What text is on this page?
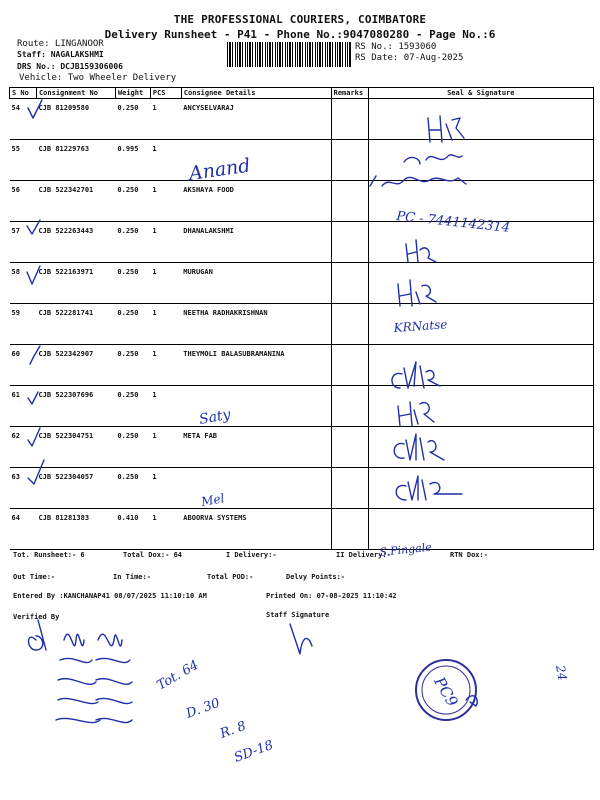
THE PROFESSIONAL COURIERS, COIMBATORE
Delivery Runsheet - P41 - Phone No.:9047080280 - Page No.:6
Route: LINGANOOR
Staff: NAGALAKSHMI
DRS No.: DCJB159306006
Vehicle: Two Wheeler Delivery
RS No.: 1593060
RS Date: 07-Aug-2025
S No	Consignment No	Weight	PCS	Consignee Details	Remarks	Seal & Signature
54	CJB 81209580	0.250	1	ANCYSELVARAJ		
55	CJB 81229763	0.995	1			
56	CJB 522342701	0.250	1	AKSHAYA FOOD		
57	CJB 522263443	0.250	1	DHANALAKSHMI		
58	CJB 522163971	0.250	1	MURUGAN		
59	CJB 522281741	0.250	1	NEETHA RADHAKRISHNAN		
60	CJB 522342907	0.250	1	THEYMOLI BALASUBRAMANINA		
61	CJB 522307696	0.250	1			
62	CJB 522304751	0.250	1	META FAB		
63	CJB 522304057	0.250	1			
64	CJB 81281383	0.410	1	ABOORVA SYSTEMS		
Tot. Runsheet:- 6	Total Dox:- 64	I Delivery:-	II Delivery:-	RTN Dox:-
Out Time:-	In Time:-	Total POD:-	Delvy Points:-
Entered By :KANCHANAP41 08/07/2025 11:10:10 AM	Printed On: 07-08-2025 11:10:42
Verified By	Staff Signature
Anand
PC - 7441142314
KRNatse
Saty
Mel
S.Pingale
Tot. 64
D. 30
R. 8
SD-18
PC9
24
